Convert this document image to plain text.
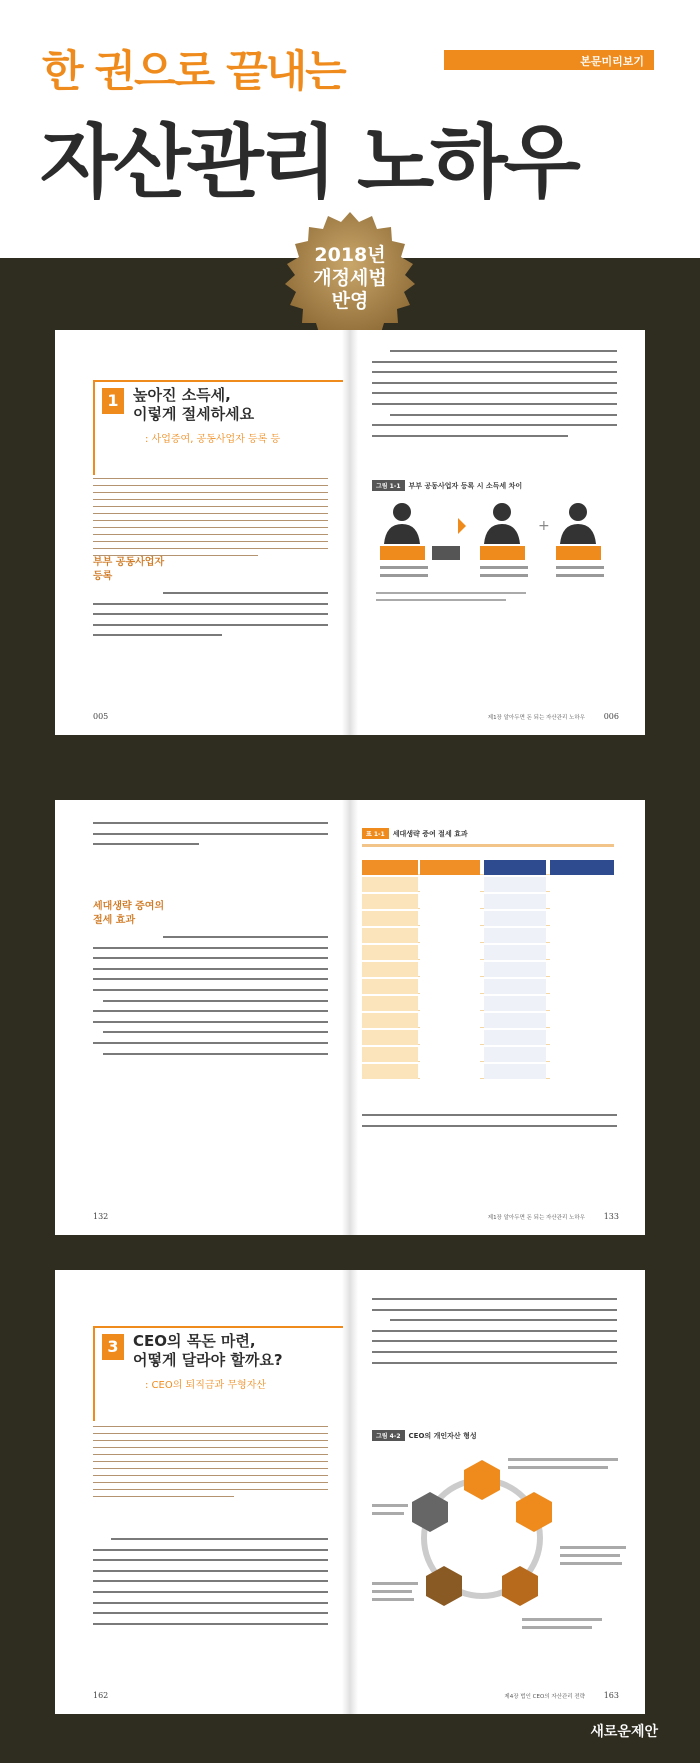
한 권으로 끝내는	본문미리보기
자산관리 노하우
2018년
개정세법
반영
1 높아진 소득세,
이렇게 절세하세요
: 사업증여, 공동사업자 등록 등
부부 공동사업자
등록
005
그림 1-1 부부 공동사업자 등록 시 소득세 차이
+
제1장 알아두면 돈 되는 자산관리 노하우 006
세대생략 증여의
절세 효과
132
표 1-1 세대생략 증여 절세 효과
제1장 알아두면 돈 되는 자산관리 노하우 133
3 CEO의 목돈 마련,
어떻게 달라야 할까요?
: CEO의 퇴직금과 무형자산
162
그림 4-2 CEO의 개인자산 형성
제4장 법인 CEO의 자산관리 전략 163
새로운제안
